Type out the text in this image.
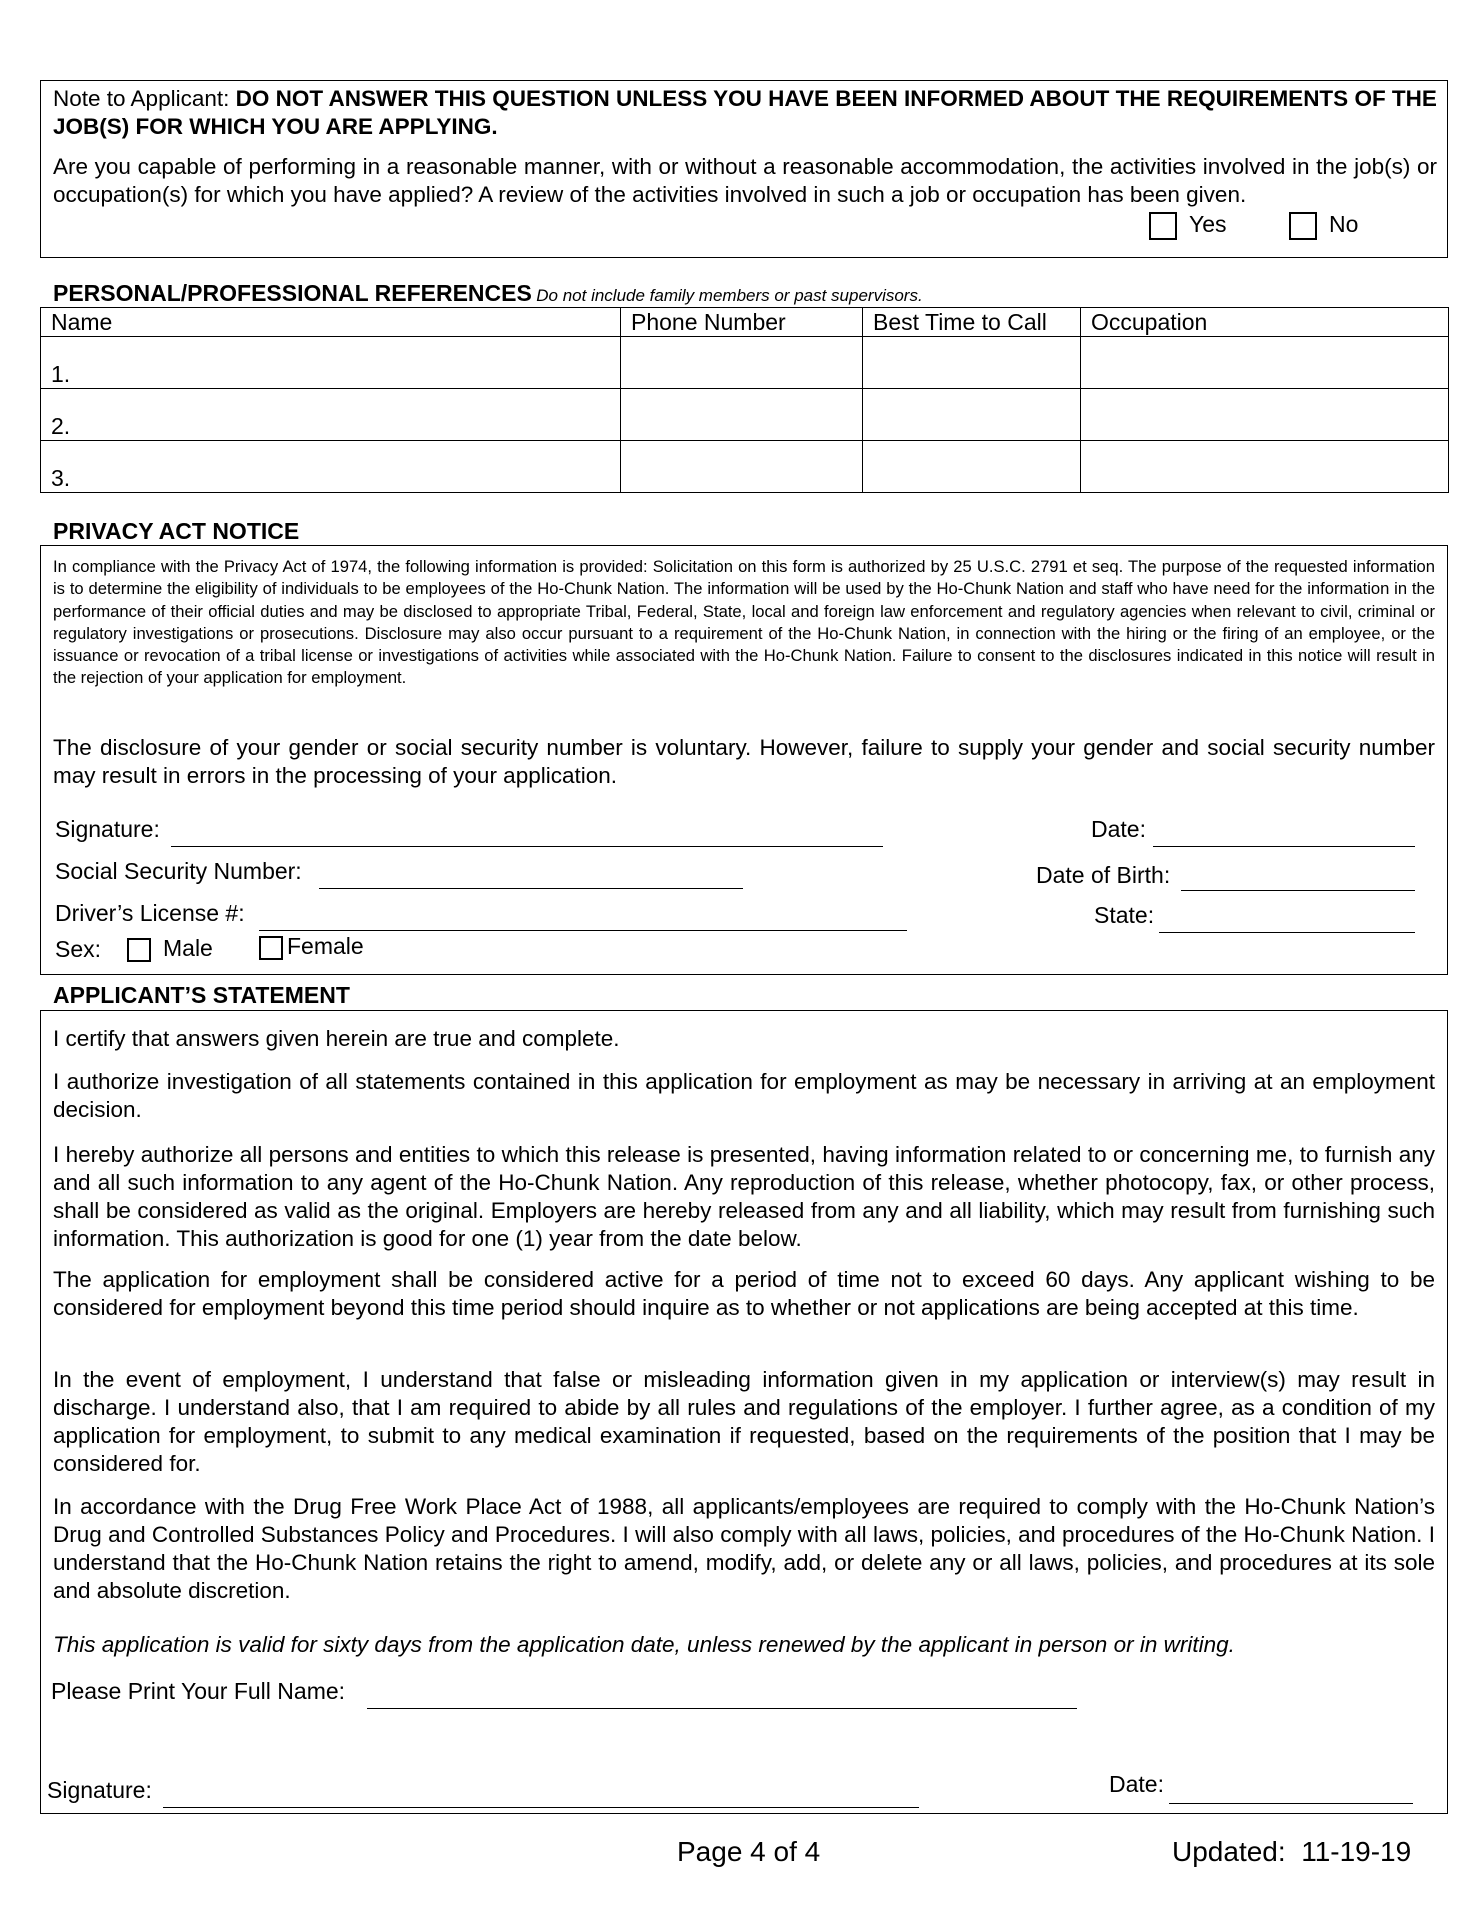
Note to Applicant: DO NOT ANSWER THIS QUESTION UNLESS YOU HAVE BEEN INFORMED ABOUT THE REQUIREMENTS OF THE JOB(S) FOR WHICH YOU ARE APPLYING.

Are you capable of performing in a reasonable manner, with or without a reasonable accommodation, the activities involved in the job(s) or occupation(s) for which you have applied? A review of the activities involved in such a job or occupation has been given.

Yes	No
PERSONAL/PROFESSIONAL REFERENCES Do not include family members or past supervisors.
Name	Phone Number	Best Time to Call	Occupation
1.			
2.			
3.			
PRIVACY ACT NOTICE

In compliance with the Privacy Act of 1974, the following information is provided: Solicitation on this form is authorized by 25 U.S.C. 2791 et seq. The purpose of the requested information is to determine the eligibility of individuals to be employees of the Ho-Chunk Nation. The information will be used by the Ho-Chunk Nation and staff who have need for the information in the performance of their official duties and may be disclosed to appropriate Tribal, Federal, State, local and foreign law enforcement and regulatory agencies when relevant to civil, criminal or regulatory investigations or prosecutions. Disclosure may also occur pursuant to a requirement of the Ho-Chunk Nation, in connection with the hiring or the firing of an employee, or the issuance or revocation of a tribal license or investigations of activities while associated with the Ho-Chunk Nation. Failure to consent to the disclosures indicated in this notice will result in the rejection of your application for employment.

The disclosure of your gender or social security number is voluntary. However, failure to supply your gender and social security number may result in errors in the processing of your application.

Signature:	Date:
Social Security Number:	Date of Birth:
Driver’s License #:	State:
Sex:	Male	Female
APPLICANT’S STATEMENT

I certify that answers given herein are true and complete.

I authorize investigation of all statements contained in this application for employment as may be necessary in arriving at an employment decision.

I hereby authorize all persons and entities to which this release is presented, having information related to or concerning me, to furnish any and all such information to any agent of the Ho-Chunk Nation. Any reproduction of this release, whether photocopy, fax, or other process, shall be considered as valid as the original. Employers are hereby released from any and all liability, which may result from furnishing such information. This authorization is good for one (1) year from the date below.

The application for employment shall be considered active for a period of time not to exceed 60 days. Any applicant wishing to be considered for employment beyond this time period should inquire as to whether or not applications are being accepted at this time.

In the event of employment, I understand that false or misleading information given in my application or interview(s) may result in discharge. I understand also, that I am required to abide by all rules and regulations of the employer. I further agree, as a condition of my application for employment, to submit to any medical examination if requested, based on the requirements of the position that I may be considered for.

In accordance with the Drug Free Work Place Act of 1988, all applicants/employees are required to comply with the Ho-Chunk Nation’s Drug and Controlled Substances Policy and Procedures. I will also comply with all laws, policies, and procedures of the Ho-Chunk Nation. I understand that the Ho-Chunk Nation retains the right to amend, modify, add, or delete any or all laws, policies, and procedures at its sole and absolute discretion.

This application is valid for sixty days from the application date, unless renewed by the applicant in person or in writing.

Please Print Your Full Name:
Signature:	Date:
Page 4 of 4	Updated:  11-19-19
